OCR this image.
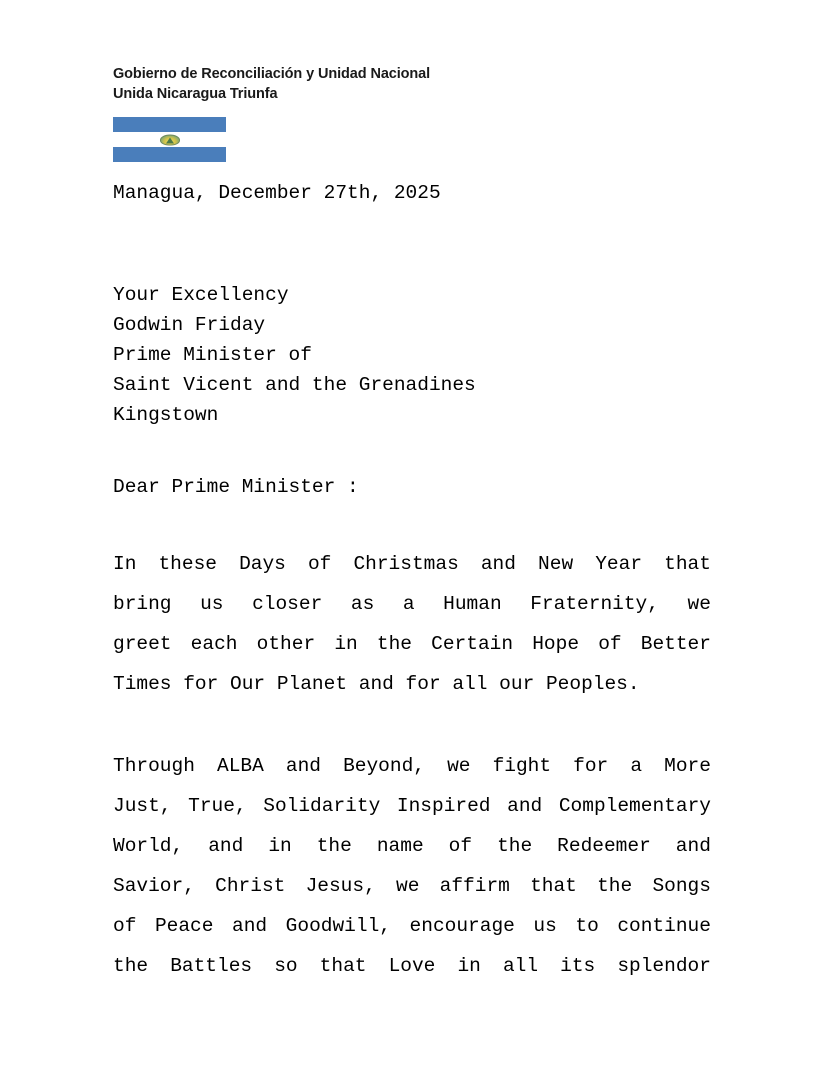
Gobierno de Reconciliación y Unidad Nacional
Unida Nicaragua Triunfa
Managua, December 27th, 2025
Your Excellency
Godwin Friday
Prime Minister of
Saint Vicent and the Grenadines
Kingstown
Dear Prime Minister :
In these Days of Christmas and New Year that
bring us closer as a Human Fraternity, we
greet each other in the Certain Hope of Better
Times for Our Planet and for all our Peoples.
Through ALBA and Beyond, we fight for a More
Just, True, Solidarity Inspired and Complementary
World, and in the name of the Redeemer and
Savior, Christ Jesus, we affirm that the Songs
of Peace and Goodwill, encourage us to continue
the Battles so that Love in all its splendor
